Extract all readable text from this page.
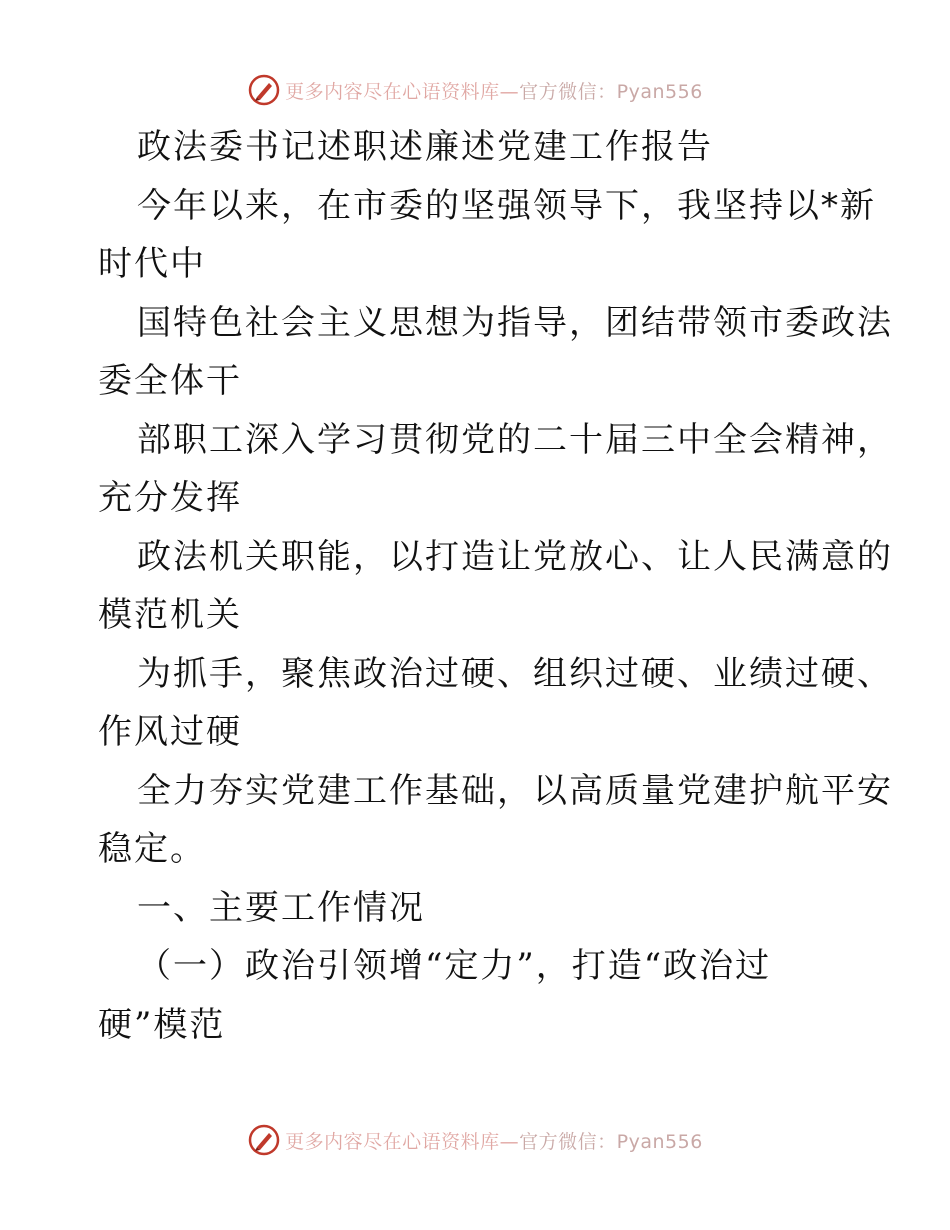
更多内容尽在心语资料库—官方微信：Pyan556
政法委书记述职述廉述党建工作报告
今年以来，在市委的坚强领导下，我坚持以*新
时代中
国特色社会主义思想为指导，团结带领市委政法
委全体干
部职工深入学习贯彻党的二十届三中全会精神，
充分发挥
政法机关职能，以打造让党放心、让人民满意的
模范机关
为抓手，聚焦政治过硬、组织过硬、业绩过硬、
作风过硬
全力夯实党建工作基础，以高质量党建护航平安
稳定。
一、主要工作情况
（一）政治引领增“定力”，打造“政治过
硬”模范
更多内容尽在心语资料库—官方微信：Pyan556
